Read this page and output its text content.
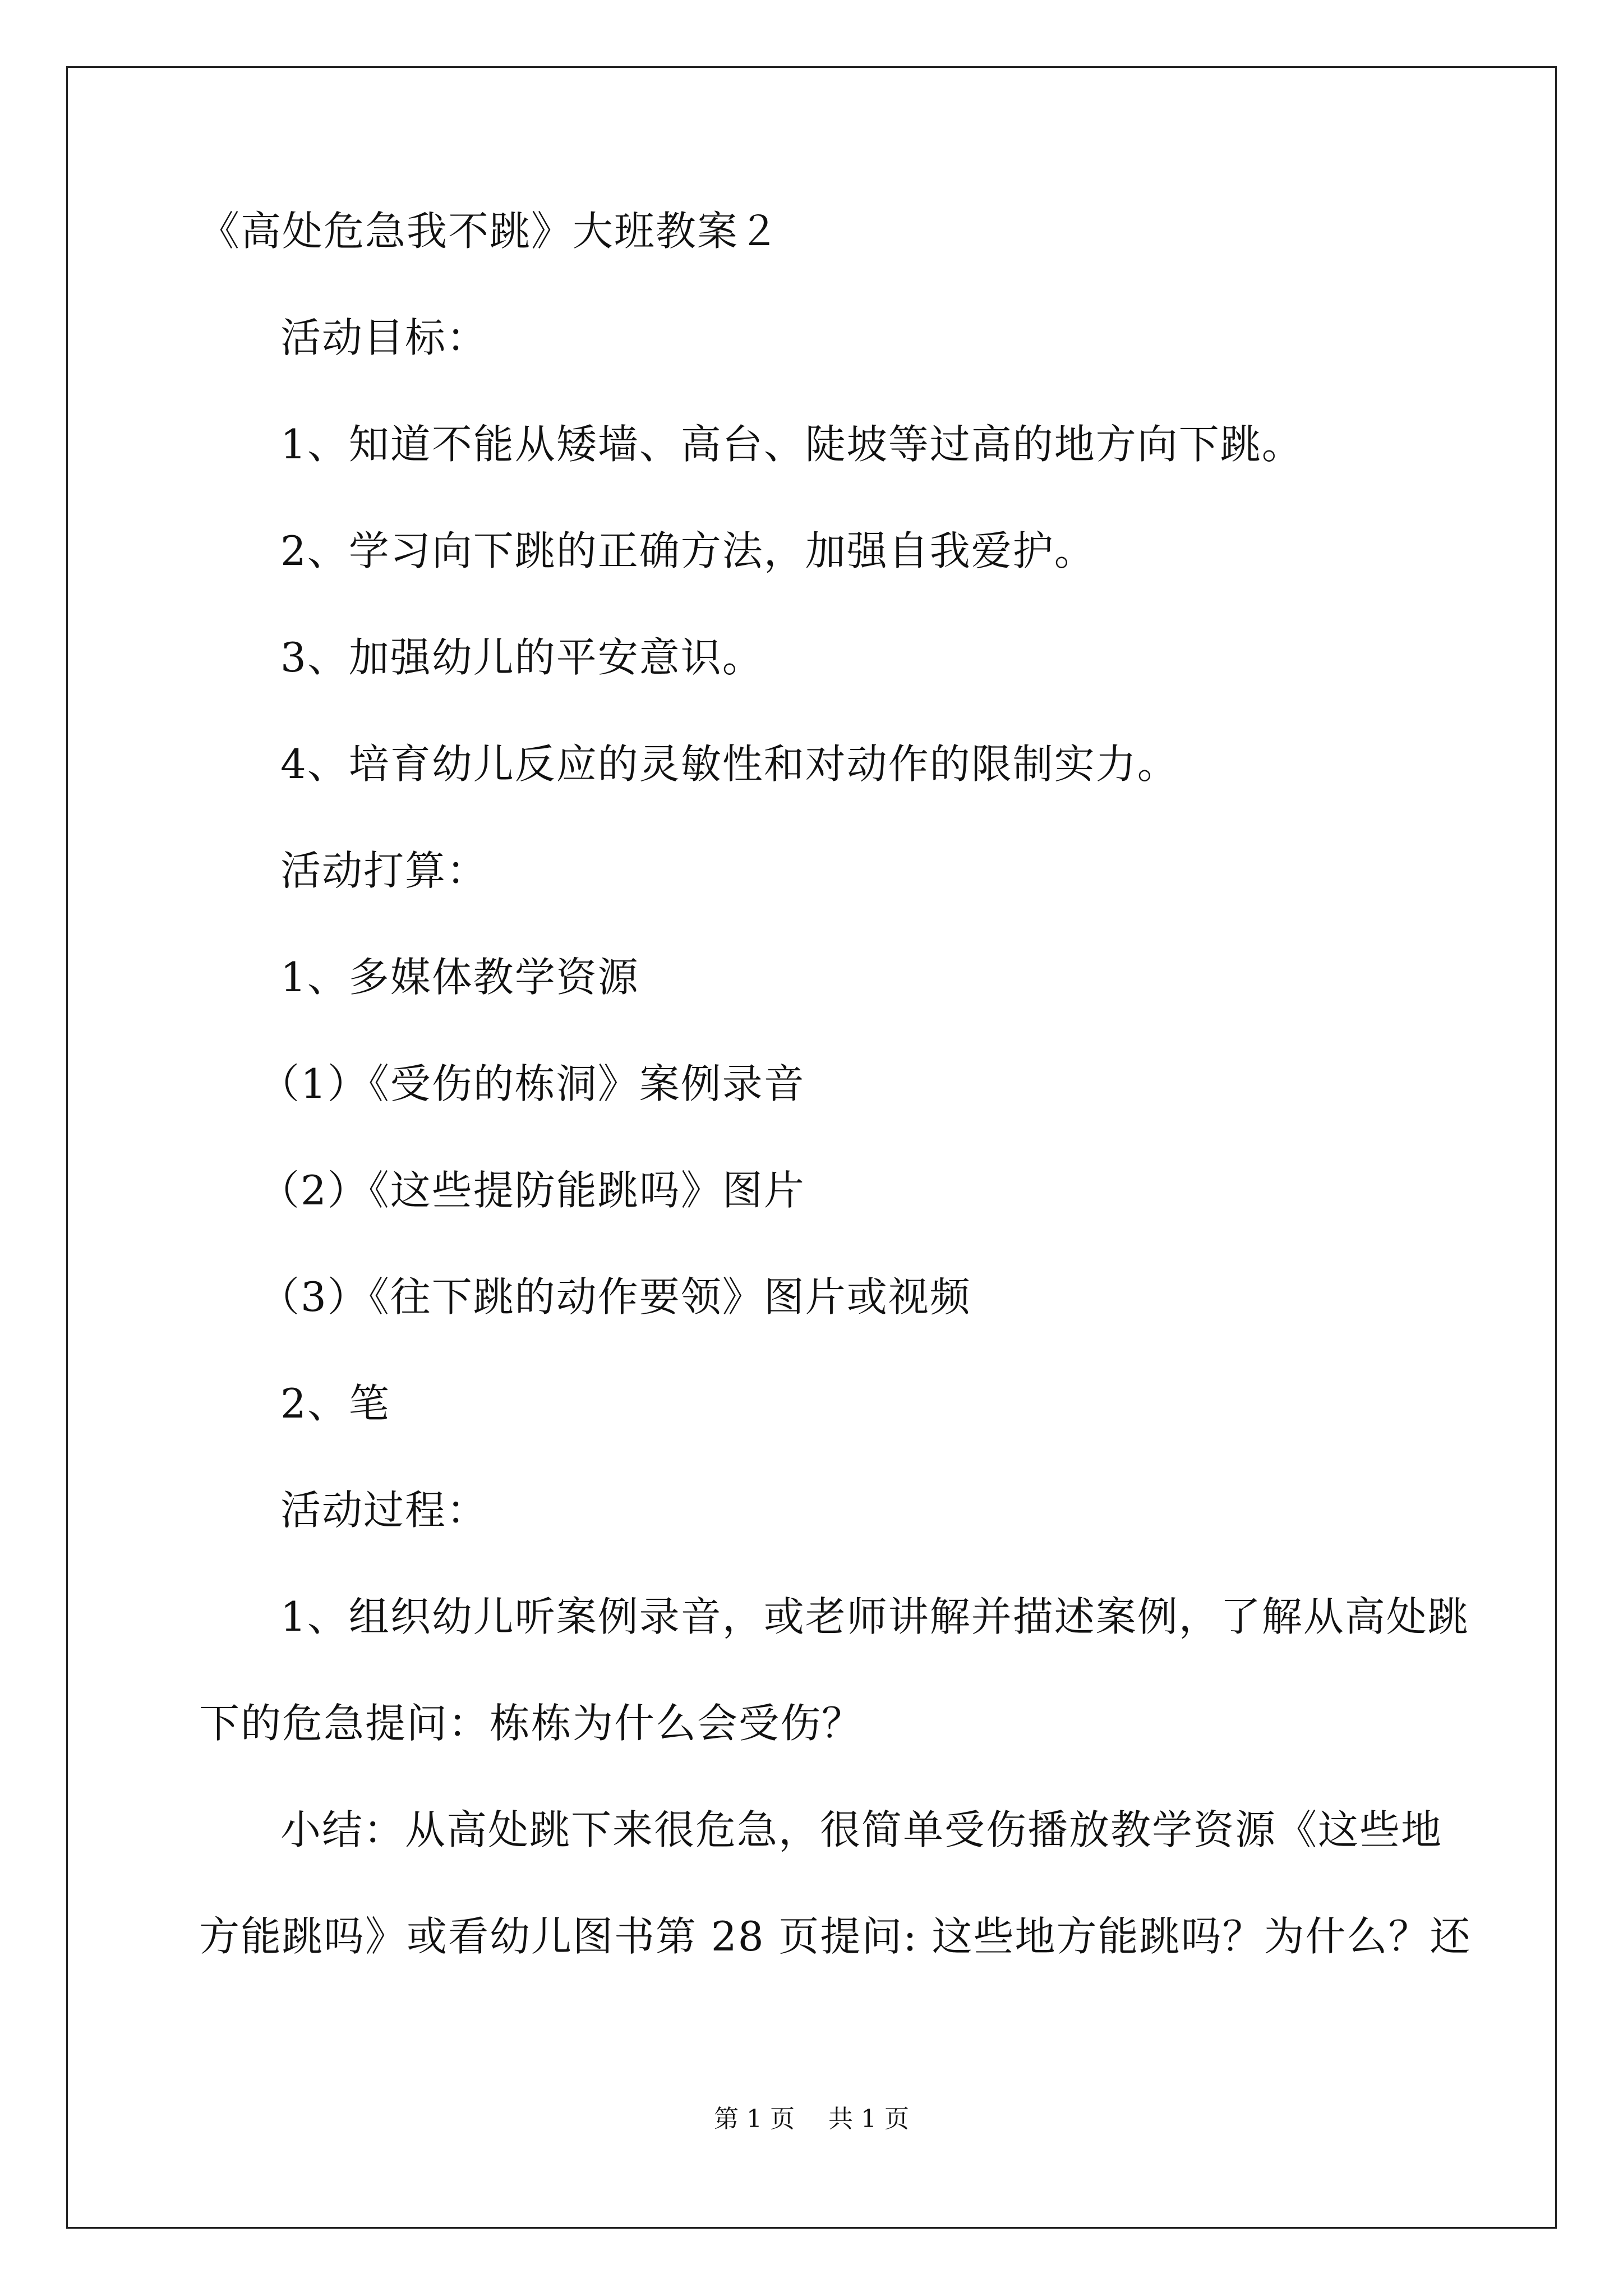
《高处危急我不跳》大班教案２
活动目标：
1、知道不能从矮墙、高台、陡坡等过高的地方向下跳。
2、学习向下跳的正确方法，加强自我爱护。
3、加强幼儿的平安意识。
4、培育幼儿反应的灵敏性和对动作的限制实力。
活动打算：
1、多媒体教学资源
（1）《受伤的栋洞》案例录音
（2）《这些提防能跳吗》图片
（3）《往下跳的动作要领》图片或视频
2、笔
活动过程：
1、组织幼儿听案例录音，或老师讲解并描述案例，了解从高处跳
下的危急提问：栋栋为什么会受伤？
小结：从高处跳下来很危急，很简单受伤播放教学资源《这些地
方能跳吗》或看幼儿图书第 28 页提问: 这些地方能跳吗？为什么？还
第 1 页 共 1 页
